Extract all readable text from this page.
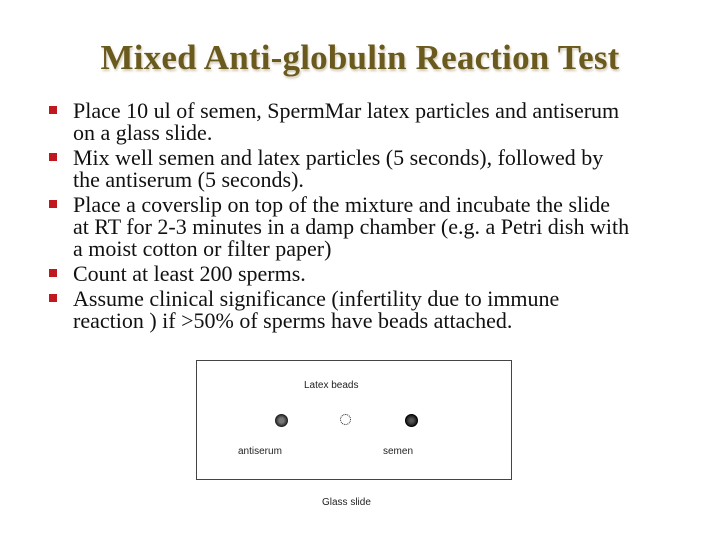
Mixed Anti-globulin Reaction Test
Place 10 ul of semen, SpermMar latex particles and antiserum
on a glass slide.
Mix well semen and latex particles (5 seconds), followed by
the antiserum (5 seconds).
Place a coverslip on top of the mixture and incubate the slide
at RT for 2-3 minutes in a damp chamber (e.g. a Petri dish with
a moist cotton or filter paper)
Count at least 200 sperms.
Assume clinical significance (infertility due to immune
reaction ) if >50% of sperms have beads attached.
Latex beads
antiserum	semen
Glass slide
